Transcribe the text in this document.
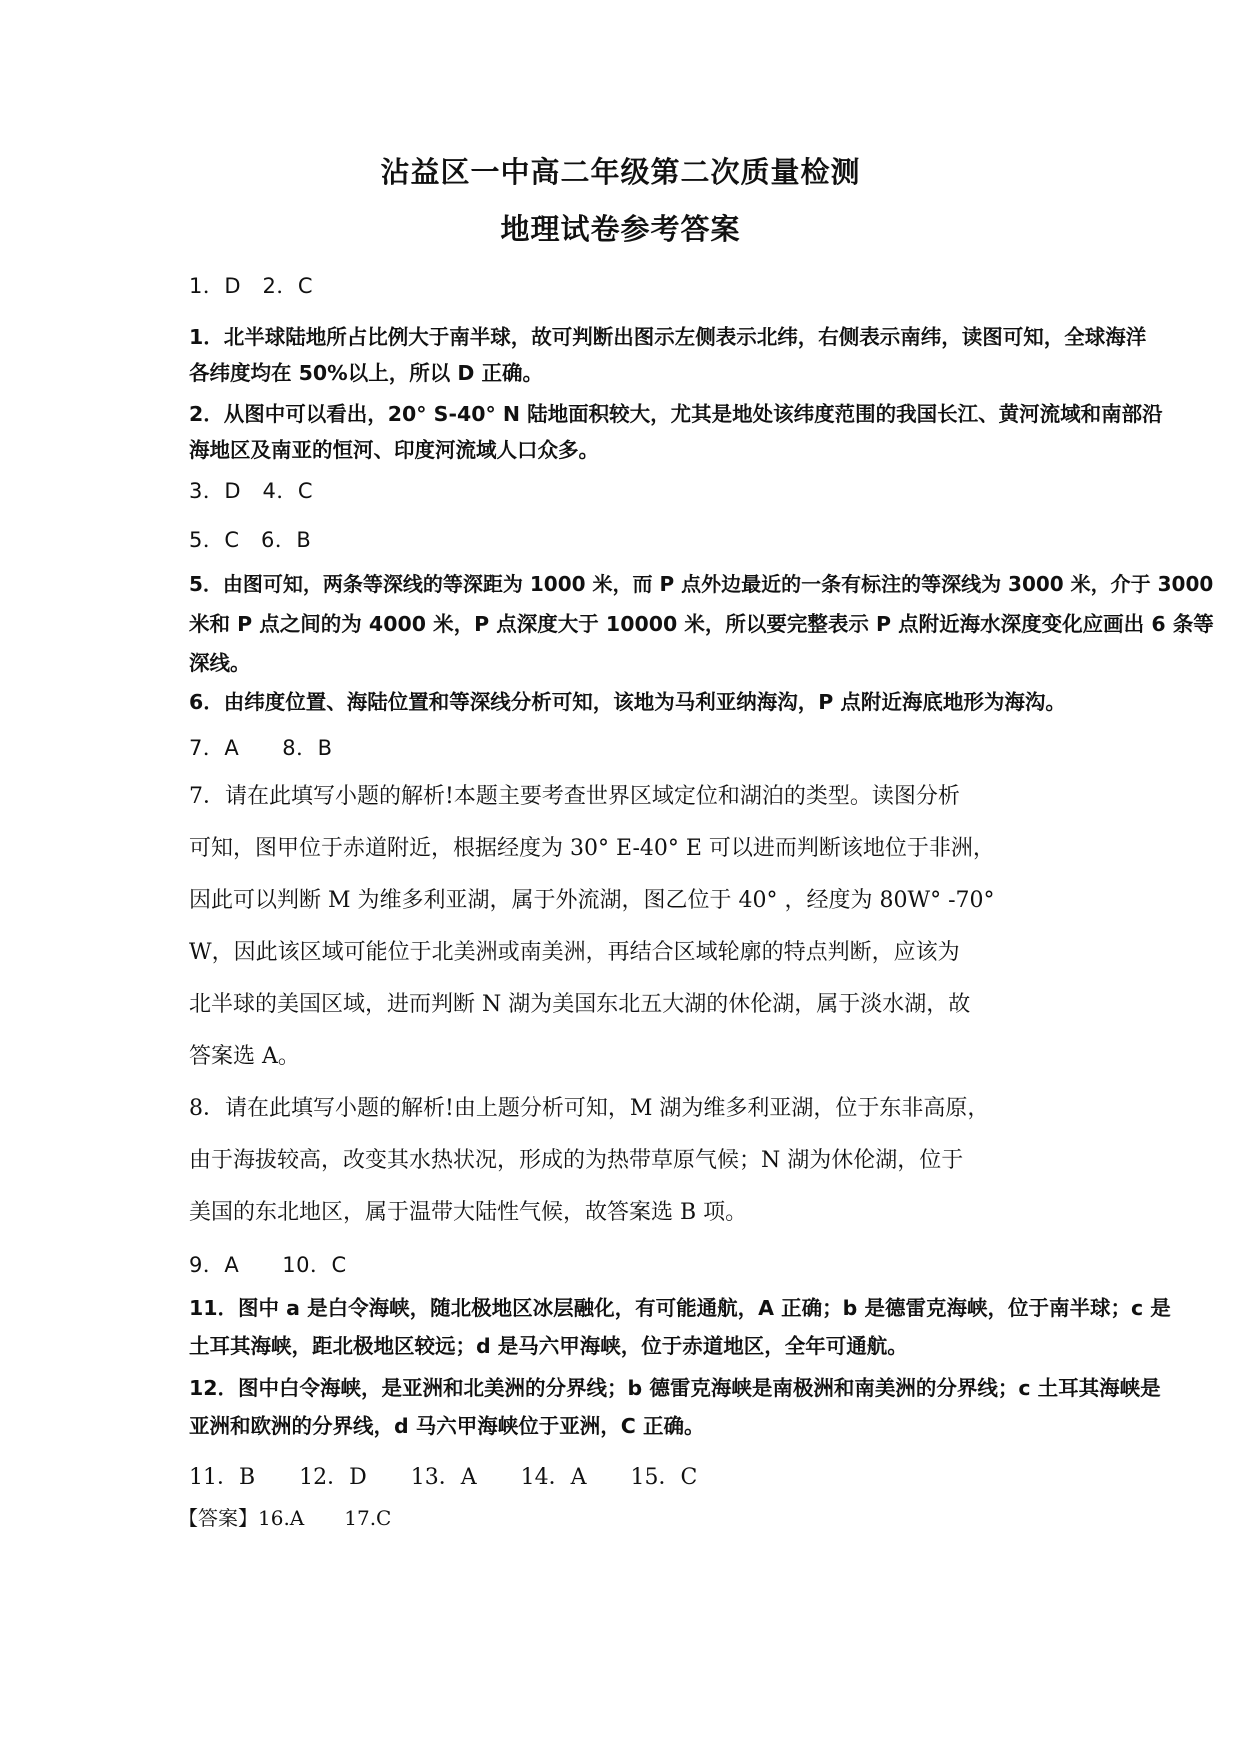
沾益区一中高二年级第二次质量检测
地理试卷参考答案

1．D　2．C

1．北半球陆地所占比例大于南半球，故可判断出图示左侧表示北纬，右侧表示南纬，读图可知，全球海洋

各纬度均在 50%以上，所以 D 正确。

2．从图中可以看出，20° S-40° N 陆地面积较大，尤其是地处该纬度范围的我国长江、黄河流域和南部沿

海地区及南亚的恒河、印度河流域人口众多。

3．D　4．C

5．C　6．B

5．由图可知，两条等深线的等深距为 1000 米，而 P 点外边最近的一条有标注的等深线为 3000 米，介于 3000

米和 P 点之间的为 4000 米，P 点深度大于 10000 米，所以要完整表示 P 点附近海水深度变化应画出 6 条等

深线。

6．由纬度位置、海陆位置和等深线分析可知，该地为马利亚纳海沟，P 点附近海底地形为海沟。

7．A　　8．B

7．请在此填写小题的解析!本题主要考查世界区域定位和湖泊的类型。读图分析

可知，图甲位于赤道附近，根据经度为 30° E-40° E 可以进而判断该地位于非洲，

因此可以判断 M 为维多利亚湖，属于外流湖，图乙位于 40° ，经度为 80W° -70°

W，因此该区域可能位于北美洲或南美洲，再结合区域轮廓的特点判断，应该为

北半球的美国区域，进而判断 N 湖为美国东北五大湖的休伦湖，属于淡水湖，故

答案选 A。

8．请在此填写小题的解析!由上题分析可知，M 湖为维多利亚湖，位于东非高原，

由于海拔较高，改变其水热状况，形成的为热带草原气候；N 湖为休伦湖，位于

美国的东北地区，属于温带大陆性气候，故答案选 B 项。

9．A　　10．C

11．图中 a 是白令海峡，随北极地区冰层融化，有可能通航，A 正确；b 是德雷克海峡，位于南半球；c 是

土耳其海峡，距北极地区较远；d 是马六甲海峡，位于赤道地区，全年可通航。

12．图中白令海峡，是亚洲和北美洲的分界线；b 德雷克海峡是南极洲和南美洲的分界线；c 土耳其海峡是

亚洲和欧洲的分界线，d 马六甲海峡位于亚洲，C 正确。

11．B　　12．D　　13．A　　14．A　　15．C

【答案】16.A　　17.C
